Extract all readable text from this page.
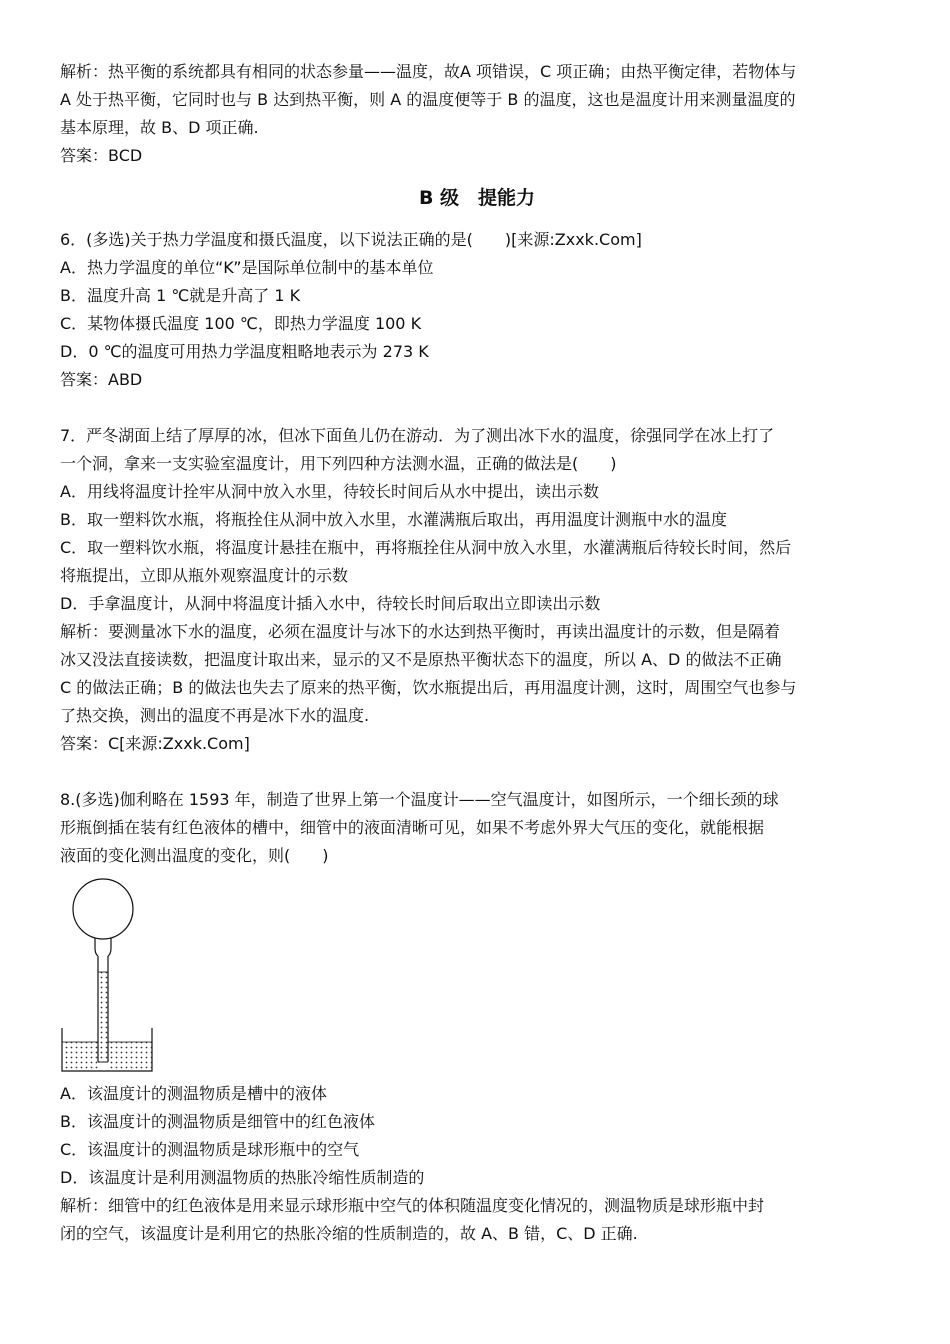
解析：热平衡的系统都具有相同的状态参量——温度，故A 项错误，C 项正确；由热平衡定律，若物体与
A 处于热平衡，它同时也与 B 达到热平衡，则 A 的温度便等于 B 的温度，这也是温度计用来测量温度的
基本原理，故 B、D 项正确.
答案：BCD
B 级　提能力
6．(多选)关于热力学温度和摄氏温度，以下说法正确的是(　　)[来源:Zxxk.Com]
A．热力学温度的单位“K”是国际单位制中的基本单位
B．温度升高 1 ℃就是升高了 1 K
C．某物体摄氏温度 100 ℃，即热力学温度 100 K
D．0 ℃的温度可用热力学温度粗略地表示为 273 K
答案：ABD
7．严冬湖面上结了厚厚的冰，但冰下面鱼儿仍在游动．为了测出冰下水的温度，徐强同学在冰上打了
一个洞，拿来一支实验室温度计，用下列四种方法测水温，正确的做法是(　　)
A．用线将温度计拴牢从洞中放入水里，待较长时间后从水中提出，读出示数
B．取一塑料饮水瓶，将瓶拴住从洞中放入水里，水灌满瓶后取出，再用温度计测瓶中水的温度
C．取一塑料饮水瓶，将温度计悬挂在瓶中，再将瓶拴住从洞中放入水里，水灌满瓶后待较长时间，然后
将瓶提出，立即从瓶外观察温度计的示数
D．手拿温度计，从洞中将温度计插入水中，待较长时间后取出立即读出示数
解析：要测量冰下水的温度，必须在温度计与冰下的水达到热平衡时，再读出温度计的示数，但是隔着
冰又没法直接读数，把温度计取出来，显示的又不是原热平衡状态下的温度，所以 A、D 的做法不正确
C 的做法正确；B 的做法也失去了原来的热平衡，饮水瓶提出后，再用温度计测，这时，周围空气也参与
了热交换，测出的温度不再是冰下水的温度.
答案：C[来源:Zxxk.Com]
8.(多选)伽利略在 1593 年，制造了世界上第一个温度计——空气温度计，如图所示，一个细长颈的球
形瓶倒插在装有红色液体的槽中，细管中的液面清晰可见，如果不考虑外界大气压的变化，就能根据
液面的变化测出温度的变化，则(　　)
A．该温度计的测温物质是槽中的液体
B．该温度计的测温物质是细管中的红色液体
C．该温度计的测温物质是球形瓶中的空气
D．该温度计是利用测温物质的热胀冷缩性质制造的
解析：细管中的红色液体是用来显示球形瓶中空气的体积随温度变化情况的，测温物质是球形瓶中封
闭的空气，该温度计是利用它的热胀冷缩的性质制造的，故 A、B 错，C、D 正确.
